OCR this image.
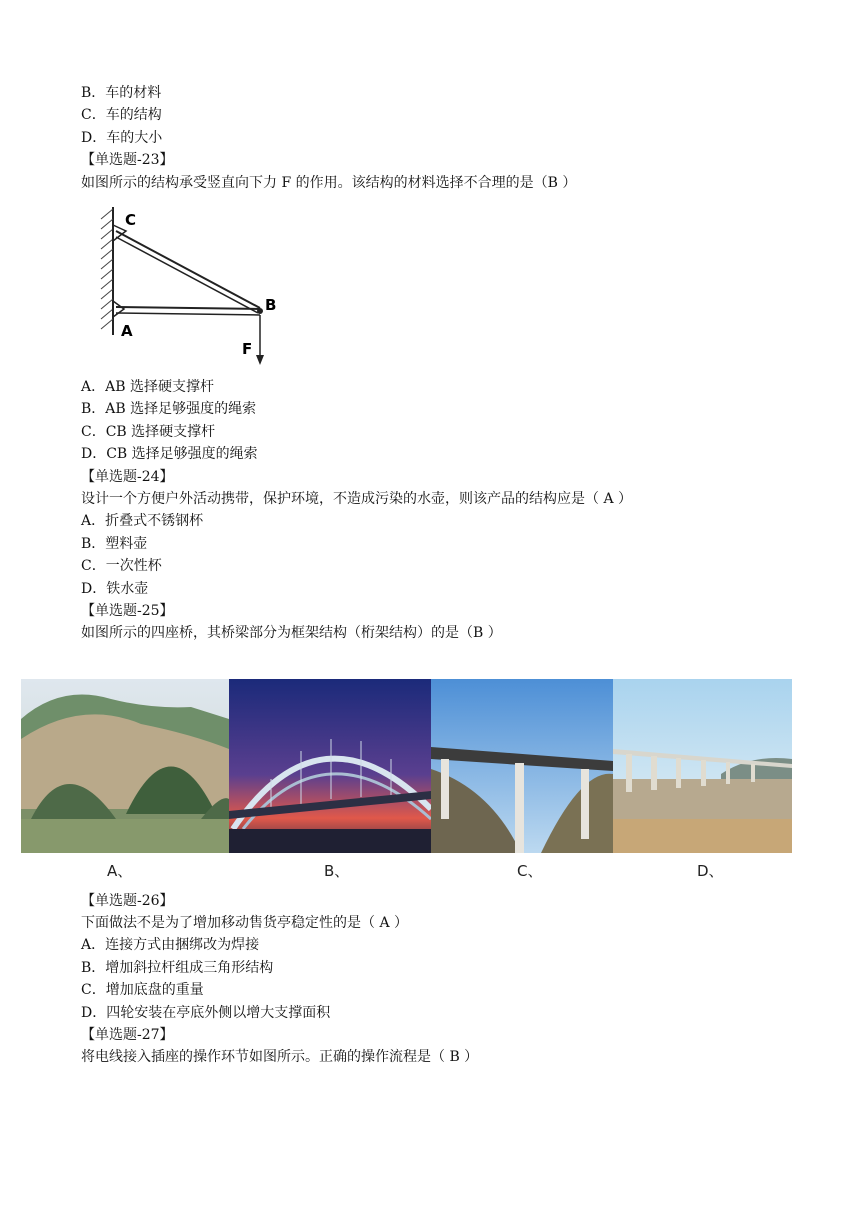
B．车的材料

C．车的结构

D．车的大小

【单选题-23】

如图所示的结构承受竖直向下力 F 的作用。该结构的材料选择不合理的是（B ）

C
B
A
F

A．AB 选择硬支撑杆

B．AB 选择足够强度的绳索

C．CB 选择硬支撑杆

D．CB 选择足够强度的绳索

【单选题-24】

设计一个方便户外活动携带，保护环境，不造成污染的水壶，则该产品的结构应是（ A ）

A．折叠式不锈钢杯

B．塑料壶

C．一次性杯

D．铁水壶

【单选题-25】

如图所示的四座桥，其桥梁部分为框架结构（桁架结构）的是（B ）

A、	B、	C、	D、

【单选题-26】

下面做法不是为了增加移动售货亭稳定性的是（ A ）

A．连接方式由捆绑改为焊接

B．增加斜拉杆组成三角形结构

C．增加底盘的重量

D．四轮安装在亭底外侧以增大支撑面积

【单选题-27】

将电线接入插座的操作环节如图所示。正确的操作流程是（ B ）
